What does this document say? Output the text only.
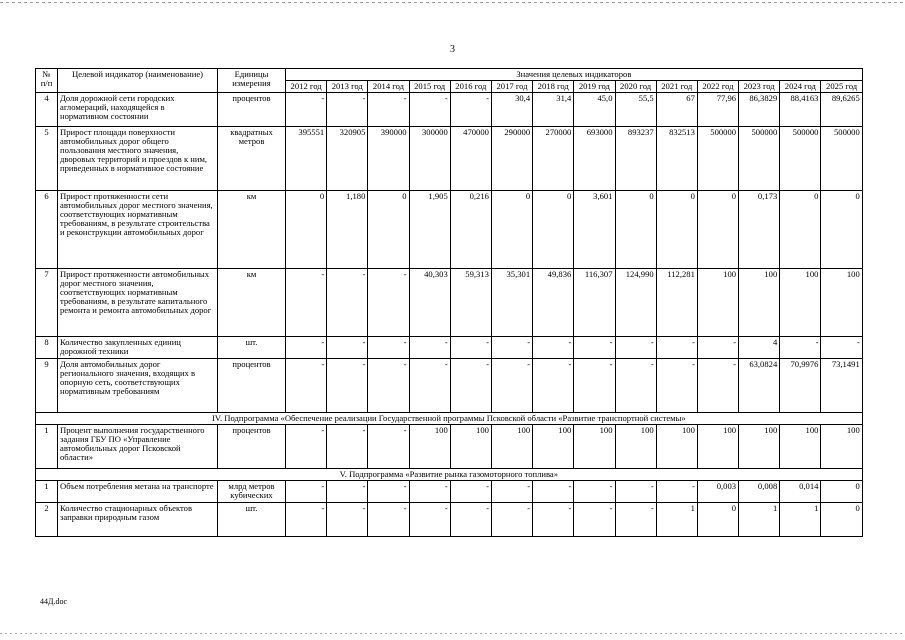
3
№ п/п	Целевой индикатор (наименование)	Единицы измерения	Значения целевых индикаторов													
			2012 год	2013 год	2014 год	2015 год	2016 год	2017 год	2018 год	2019 год	2020 год	2021 год	2022 год	2023 год	2024 год	2025 год
4	Доля дорожной сети городских агломераций, находящейся в нормативном состоянии	процентов	-	-	-	-	-	30,4	31,4	45,0	55,5	67	77,96	86,3829	88,4163	89,6265
5	Прирост площади поверхности автомобильных дорог общего пользования местного значения, дворовых территорий и проездов к ним, приведенных в нормативное состояние	квадратных метров	395551	320905	390000	300000	470000	290000	270000	693000	893237	832513	500000	500000	500000	500000
6	Прирост протяженности сети автомобильных дорог местного значения, соответствующих нормативным требованиям, в результате строительства и реконструкции автомобильных дорог	км	0	1,180	0	1,905	0,216	0	0	3,601	0	0	0	0,173	0	0
7	Прирост протяженности автомобильных дорог местного значения, соответствующих нормативным требованиям, в результате капитального ремонта и ремонта автомобильных дорог	км	-	-	-	40,303	59,313	35,301	49,836	116,307	124,990	112,281	100	100	100	100
8	Количество закупленных единиц дорожной техники	шт.	-	-	-	-	-	-	-	-	-	-	-	4	-	-
9	Доля автомобильных дорог регионального значения, входящих в опорную сеть, соответствующих нормативным требованиям	процентов	-	-	-	-	-	-	-	-	-	-	-	63,0824	70,9976	73,1491
IV. Подпрограмма «Обеспечение реализации Государственной программы Псковской области «Развитие транспортной системы»																
1	Процент выполнения государственного задания ГБУ ПО «Управление автомобильных дорог Псковской области»	процентов	-	-	-	100	100	100	100	100	100	100	100	100	100	100
V. Подпрограмма «Развитие рынка газомоторного топлива»																
1	Объем потребления метана на транспорте	млрд метров кубических	-	-	-	-	-	-	-	-	-	-	0,003	0,008	0,014	0
2	Количество стационарных объектов заправки природным газом	шт.	-	-	-	-	-	-	-	-	-	1	0	1	1	0
44Д.doc
